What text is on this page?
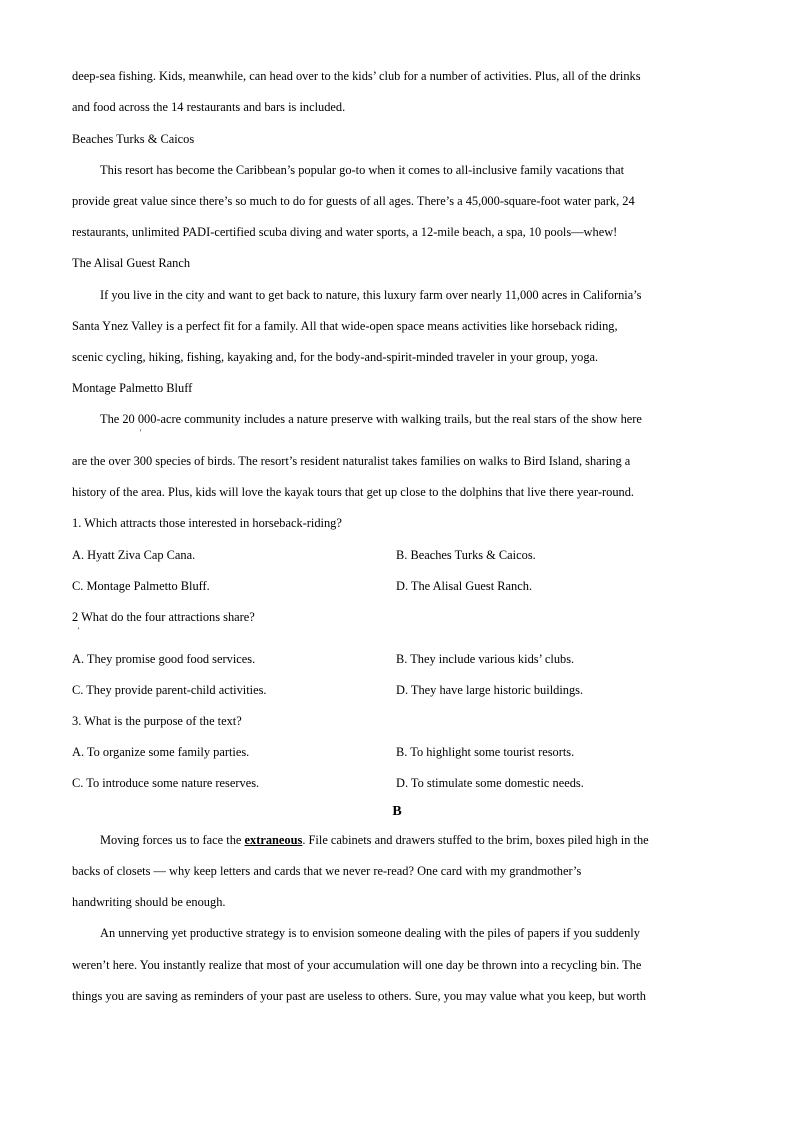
deep-sea fishing. Kids, meanwhile, can head over to the kids’ club for a number of activities. Plus, all of the drinks
and food across the 14 restaurants and bars is included.
Beaches Turks & Caicos
This resort has become the Caribbean’s popular go-to when it comes to all-inclusive family vacations that
provide great value since there’s so much to do for guests of all ages. There’s a 45,000-square-foot water park, 24
restaurants, unlimited PADI-certified scuba diving and water sports, a 12-mile beach, a spa, 10 pools—whew!
The Alisal Guest Ranch
If you live in the city and want to get back to nature, this luxury farm over nearly 11,000 acres in California’s
Santa Ynez Valley is a perfect fit for a family. All that wide-open space means activities like horseback riding,
scenic cycling, hiking, fishing, kayaking and, for the body-and-spirit-minded traveler in your group, yoga.
Montage Palmetto Bluff
The 20 000-acre community includes a nature preserve with walking trails, but the real stars of the show here
'
are the over 300 species of birds. The resort’s resident naturalist takes families on walks to Bird Island, sharing a
history of the area. Plus, kids will love the kayak tours that get up close to the dolphins that live there year-round.
1. Which attracts those interested in horseback-riding?
A. Hyatt Ziva Cap Cana.	B. Beaches Turks & Caicos.
C. Montage Palmetto Bluff.	D. The Alisal Guest Ranch.
2 What do the four attractions share?
'
A. They promise good food services.	B. They include various kids’ clubs.
C. They provide parent-child activities.	D. They have large historic buildings.
3. What is the purpose of the text?
A. To organize some family parties.	B. To highlight some tourist resorts.
C. To introduce some nature reserves.	D. To stimulate some domestic needs.
B
Moving forces us to face the extraneous. File cabinets and drawers stuffed to the brim, boxes piled high in the
backs of closets — why keep letters and cards that we never re-read? One card with my grandmother’s
handwriting should be enough.
An unnerving yet productive strategy is to envision someone dealing with the piles of papers if you suddenly
weren’t here. You instantly realize that most of your accumulation will one day be thrown into a recycling bin. The
things you are saving as reminders of your past are useless to others. Sure, you may value what you keep, but worth
